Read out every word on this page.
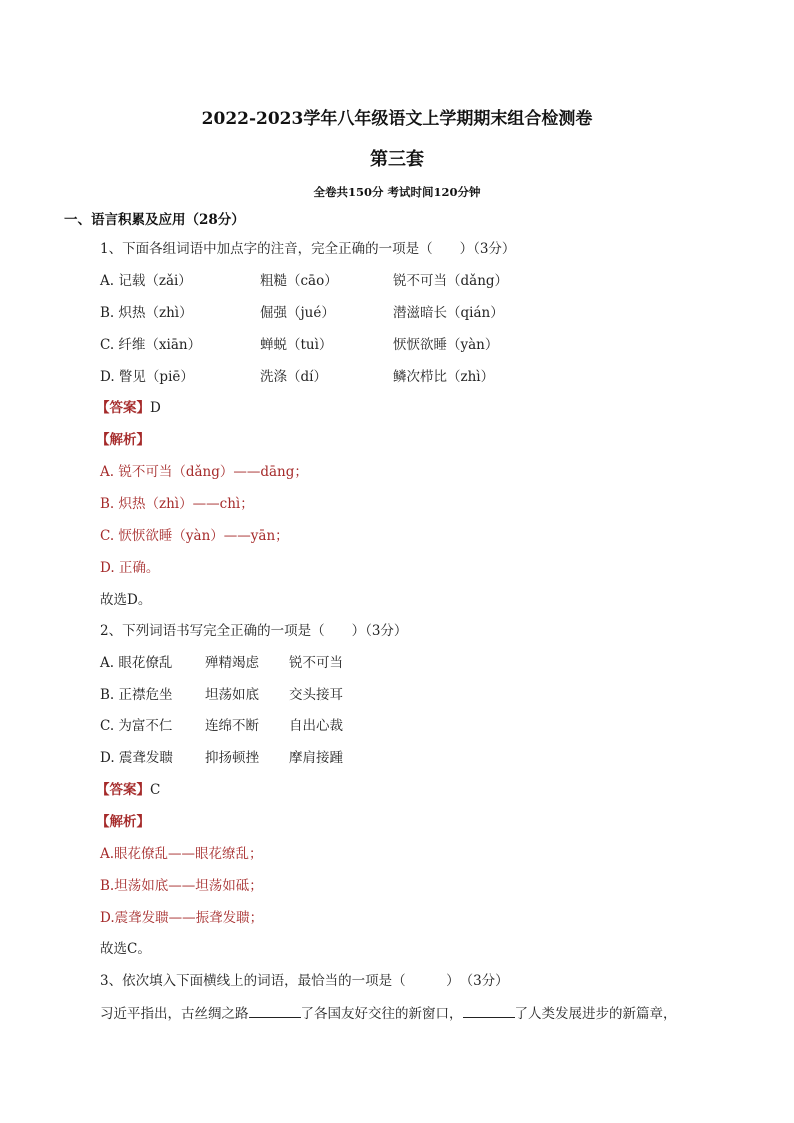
2022-2023学年八年级语文上学期期末组合检测卷
第三套
全卷共150分 考试时间120分钟
一、语言积累及应用（28分）
1、下面各组词语中加点字的注音，完全正确的一项是（　　）（3分）
A. 记载（zǎi）	粗糙（cāo）	锐不可当（dǎng）
B. 炽热（zhì）	倔强（jué）	潜滋暗长（qián）
C. 纤维（xiān）	蝉蜕（tuì）	恹恹欲睡（yàn）
D. 瞥见（piē）	洗涤（dí）	鳞次栉比（zhì）
【答案】D
【解析】
A. 锐不可当（dǎng）——dāng；
B. 炽热（zhì）——chì；
C. 恹恹欲睡（yàn）——yān；
D. 正确。
故选D。
2、下列词语书写完全正确的一项是（　　）（3分）
A. 眼花僚乱 殚精竭虑 锐不可当
B. 正襟危坐 坦荡如底 交头接耳
C. 为富不仁 连绵不断 自出心裁
D. 震聋发聩 抑扬顿挫 摩肩接踵
【答案】C
【解析】
A.眼花僚乱——眼花缭乱；
B.坦荡如底——坦荡如砥；
D.震聋发聩——振聋发聩；
故选C。
3、依次填入下面横线上的词语，最恰当的一项是（　　　）　（3分）
习近平指出，古丝绸之路	了各国友好交往的新窗口，	了人类发展进步的新篇章，
